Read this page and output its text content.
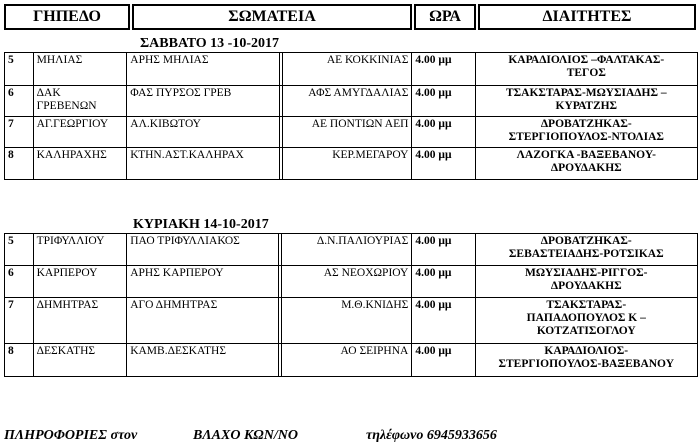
ΓΗΠΕΔΟ	ΣΩΜΑΤΕΙΑ	ΩΡΑ	ΔΙΑΙΤΗΤΕΣ
ΣΑΒΒΑΤΟ 13 -10-2017
5	ΜΗΛΙΑΣ	ΑΡΗΣ ΜΗΛΙΑΣ		ΑΕ ΚΟΚΚΙΝΙΑΣ	4.00 μμ	ΚΑΡΑΔΙΟΛΙΟΣ –ΦΑΛΤΑΚΑΣ-
ΤΕΓΟΣ
6	ΔΑΚ ΓΡΕΒΕΝΩΝ	ΦΑΣ ΠΥΡΣΟΣ ΓΡΕΒ		ΑΦΣ ΑΜΥΓΔΑΛΙΑΣ	4.00 μμ	ΤΣΑΚΣΤΑΡΑΣ-ΜΩΥΣΙΑΔΗΣ –
ΚΥΡΑΤΖΗΣ
7	ΑΓ.ΓΕΩΡΓΙΟΥ	ΑΛ.ΚΙΒΩΤΟΥ		ΑΕ ΠΟΝΤΙΩΝ ΑΕΠ	4.00 μμ	ΔΡΟΒΑΤΖΗΚΑΣ-
ΣΤΕΡΓΙΟΠΟΥΛΟΣ-ΝΤΟΛΙΑΣ
8	ΚΑΛΗΡΑΧΗΣ	ΚΤΗΝ.ΑΣΤ.ΚΑΛΗΡΑΧ		ΚΕΡ.ΜΕΓΑΡΟΥ	4.00 μμ	ΛΑΖΟΓΚΑ -ΒΑΞΕΒΑΝΟΥ-
ΔΡΟΥΔΑΚΗΣ
ΚΥΡΙΑΚΗ 14-10-2017
5	ΤΡΙΦΥΛΛΙΟΥ	ΠΑΟ ΤΡΙΦΥΛΛΙΑΚΟΣ		Δ.Ν.ΠΑΛΙΟΥΡΙΑΣ	4.00 μμ	ΔΡΟΒΑΤΖΗΚΑΣ-
ΣΕΒΑΣΤΕΙΑΔΗΣ-ΡΟΤΣΙΚΑΣ
6	ΚΑΡΠΕΡΟΥ	ΑΡΗΣ ΚΑΡΠΕΡΟΥ		ΑΣ ΝΕΟΧΩΡΙΟΥ	4.00 μμ	ΜΩΥΣΙΑΔΗΣ-ΡΙΓΓΟΣ-
ΔΡΟΥΔΑΚΗΣ
7	ΔΗΜΗΤΡΑΣ	ΑΓΟ ΔΗΜΗΤΡΑΣ		Μ.Θ.ΚΝΙΔΗΣ	4.00 μμ	ΤΣΑΚΣΤΑΡΑΣ-
ΠΑΠΑΔΟΠΟΥΛΟΣ Κ –
ΚΟΤΖΑΤΙΣΟΓΛΟΥ
8	ΔΕΣΚΑΤΗΣ	ΚΑΜΒ.ΔΕΣΚΑΤΗΣ		ΑΟ ΣΕΙΡΗΝΑ	4.00 μμ	ΚΑΡΑΔΙΟΛΙΟΣ-
ΣΤΕΡΓΙΟΠΟΥΛΟΣ-ΒΑΞΕΒΑΝΟΥ
ΠΛΗΡΟΦΟΡΙΕΣ στον	ΒΛΑΧΟ ΚΩΝ/ΝΟ	τηλέφωνο 6945933656
